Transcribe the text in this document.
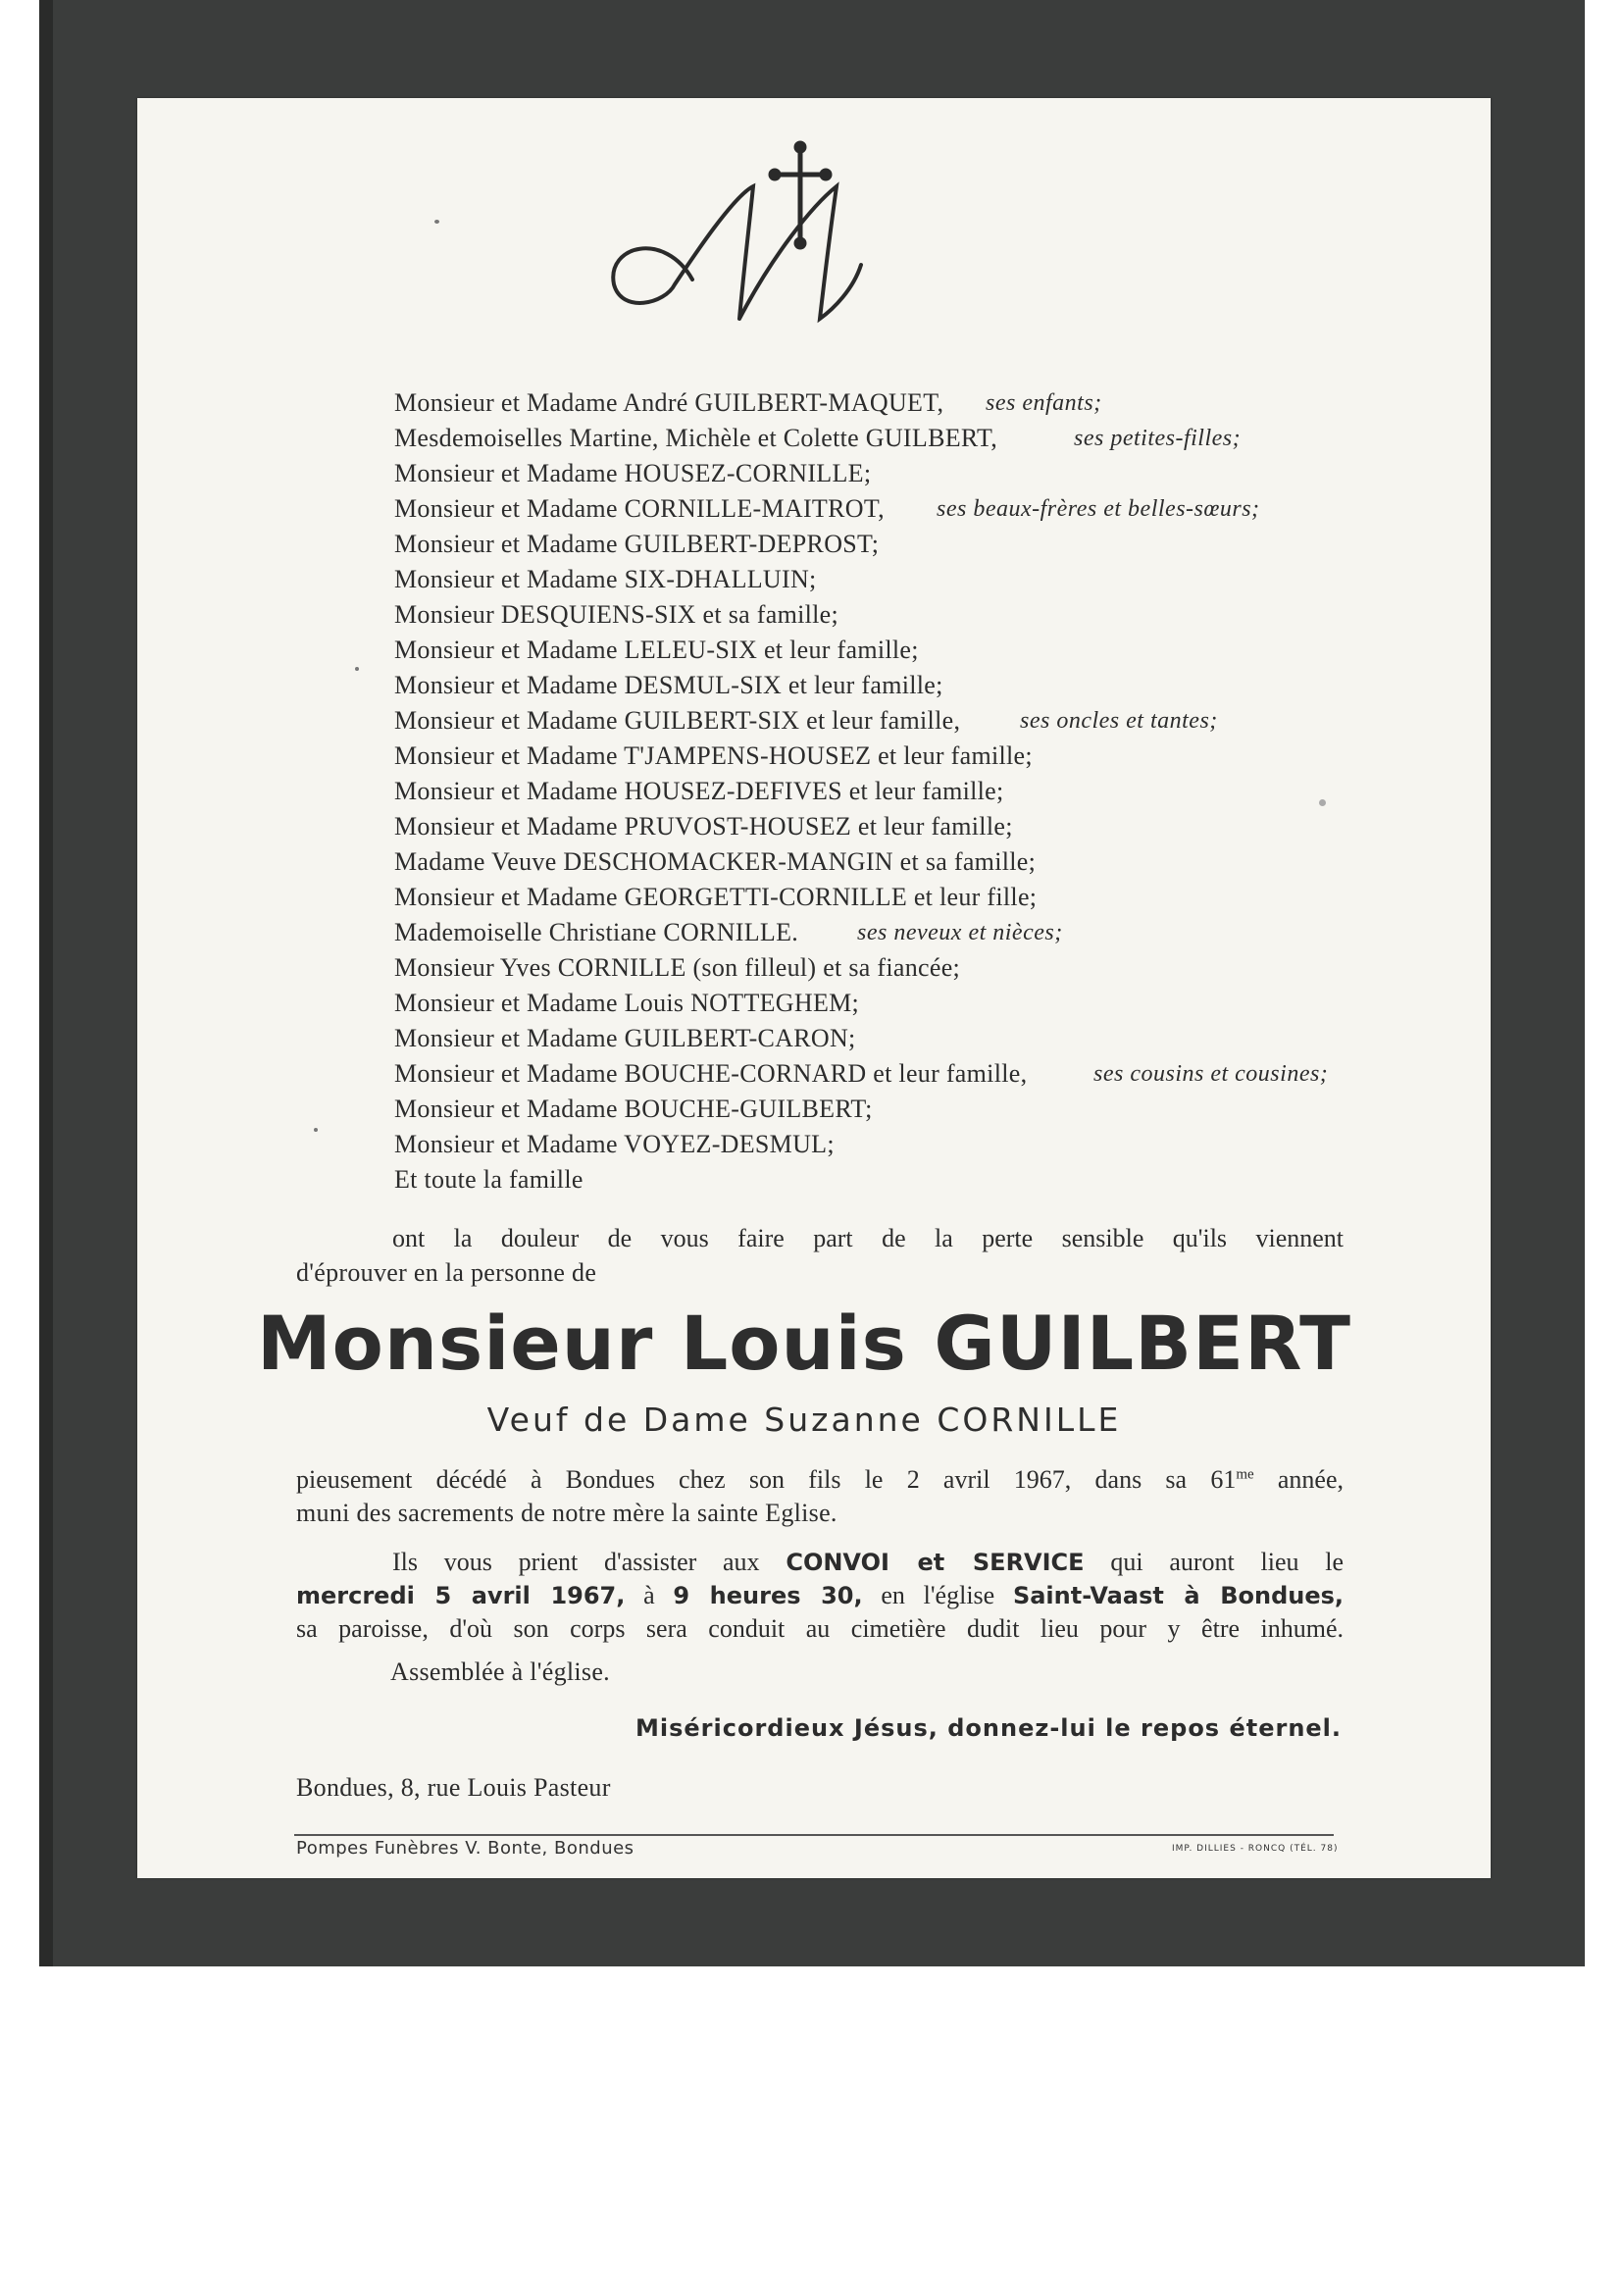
Monsieur et Madame André GUILBERT-MAQUET, ses enfants;
Mesdemoiselles Martine, Michèle et Colette GUILBERT,	ses petites-filles;
Monsieur et Madame HOUSEZ-CORNILLE;
Monsieur et Madame CORNILLE-MAITROT, ses beaux-frères et belles-sœurs;
Monsieur et Madame GUILBERT-DEPROST;
Monsieur et Madame SIX-DHALLUIN;
Monsieur DESQUIENS-SIX et sa famille;
Monsieur et Madame LELEU-SIX et leur famille;
Monsieur et Madame DESMUL-SIX et leur famille;
Monsieur et Madame GUILBERT-SIX et leur famille,	ses oncles et tantes;
Monsieur et Madame T'JAMPENS-HOUSEZ et leur famille;
Monsieur et Madame HOUSEZ-DEFIVES et leur famille;
Monsieur et Madame PRUVOST-HOUSEZ et leur famille;
Madame Veuve DESCHOMACKER-MANGIN et sa famille;
Monsieur et Madame GEORGETTI-CORNILLE et leur fille;
Mademoiselle Christiane CORNILLE. ses neveux et nièces;
Monsieur Yves CORNILLE (son filleul) et sa fiancée;
Monsieur et Madame Louis NOTTEGHEM;
Monsieur et Madame GUILBERT-CARON;
Monsieur et Madame BOUCHE-CORNARD et leur famille,	ses cousins et cousines;
Monsieur et Madame BOUCHE-GUILBERT;
Monsieur et Madame VOYEZ-DESMUL;
Et toute la famille
ont la douleur de vous faire part de la perte sensible qu'ils viennent
d'éprouver en la personne de
Monsieur Louis GUILBERT
Veuf de Dame Suzanne CORNILLE
pieusement décédé à Bondues chez son fils le 2 avril 1967, dans sa $61^{me}$ année,
muni des sacrements de notre mère la sainte Eglise.
Ils vous prient d'assister aux CONVOI et SERVICE qui auront lieu le
mercredi 5 avril 1967, à 9 heures 30, en l'église Saint-Vaast à Bondues,
sa paroisse, d'où son corps sera conduit au cimetière dudit lieu pour y être inhumé.
Assemblée à l'église.
Miséricordieux Jésus, donnez-lui le repos éternel.
Bondues, 8, rue Louis Pasteur
Pompes Funèbres V. Bonte, Bondues	IMP. DILLIES - RONCQ (TÉL. 78)
